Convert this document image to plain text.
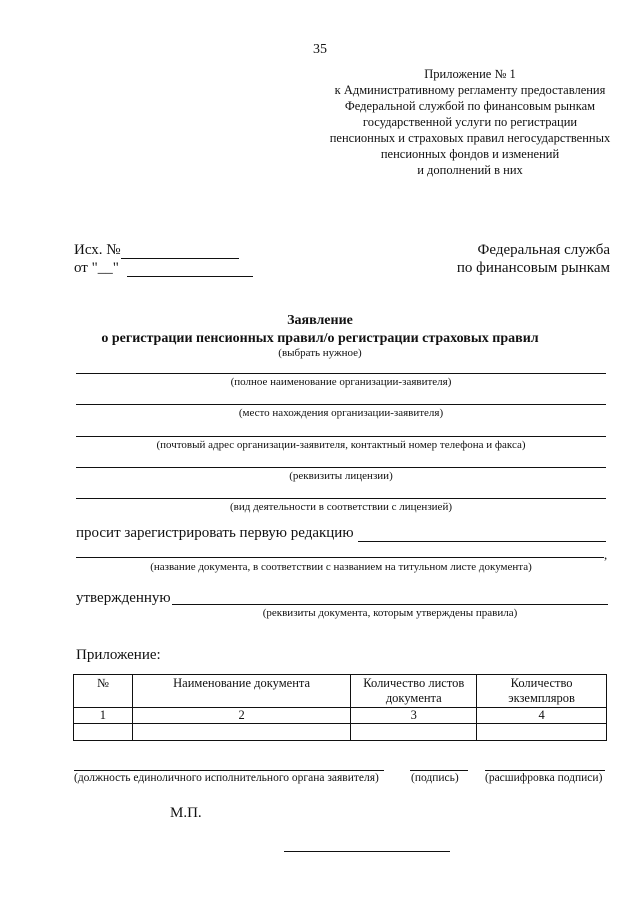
35
Приложение № 1
к Административному регламенту предоставления
Федеральной службой по финансовым рынкам
государственной услуги по регистрации
пенсионных и страховых правил негосударственных
пенсионных фондов и изменений
и дополнений в них
Исх. №
от "__"
Федеральная служба
по финансовым рынкам
Заявление
о регистрации пенсионных правил/о регистрации страховых правил
(выбрать нужное)
(полное наименование организации-заявителя)
(место нахождения организации-заявителя)
(почтовый адрес организации-заявителя, контактный номер телефона и факса)
(реквизиты лицензии)
(вид деятельности в соответствии с лицензией)
просит зарегистрировать первую редакцию
,
(название документа, в соответствии с названием на титульном листе документа)
утвержденную
(реквизиты документа, которым утверждены правила)
Приложение:
№	Наименование документа	Количество листов документа	Количество экземпляров
1	2	3	4

(должность единоличного исполнительного органа заявителя)	(подпись) (расшифровка подписи)
М.П.
